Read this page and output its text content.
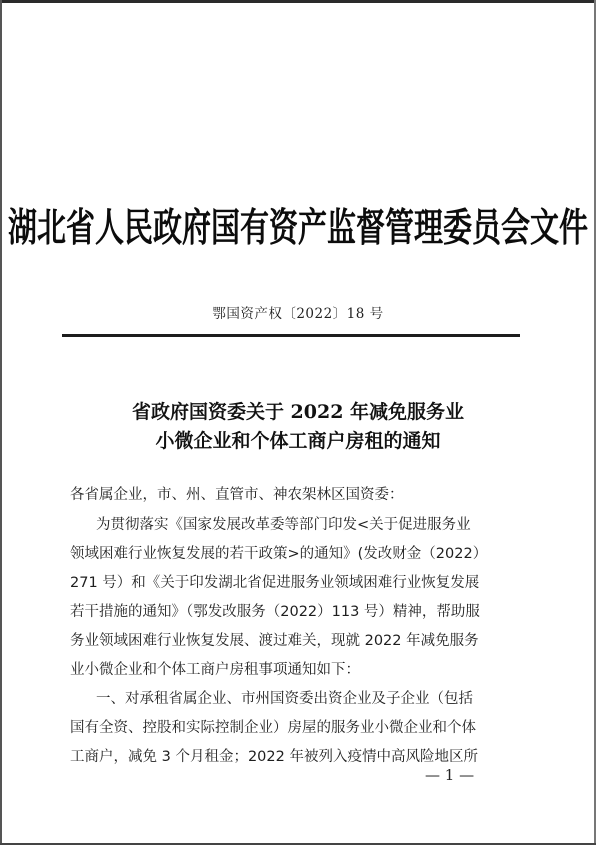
湖北省人民政府国有资产监督管理委员会文件
鄂国资产权〔2022〕18 号
省政府国资委关于 2022 年减免服务业
小微企业和个体工商户房租的通知
各省属企业，市、州、直管市、神农架林区国资委：
为贯彻落实《国家发展改革委等部门印发<关于促进服务业
领域困难行业恢复发展的若干政策>的通知》(发改财金（2022）
271 号）和《关于印发湖北省促进服务业领域困难行业恢复发展
若干措施的通知》（鄂发改服务（2022）113 号）精神，帮助服
务业领域困难行业恢复发展、渡过难关，现就 2022 年减免服务
业小微企业和个体工商户房租事项通知如下：
一、对承租省属企业、市州国资委出资企业及子企业（包括
国有全资、控股和实际控制企业）房屋的服务业小微企业和个体
工商户，减免 3 个月租金；2022 年被列入疫情中高风险地区所
— 1 —
